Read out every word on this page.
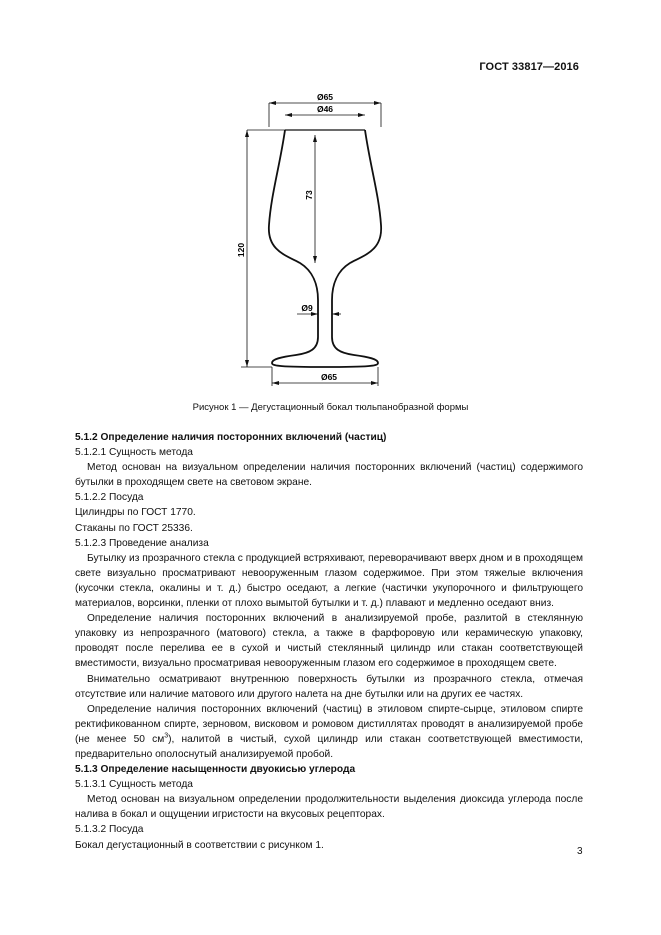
ГОСТ 33817—2016
Ø65
Ø46
73
120
Ø9
Ø65
Рисунок 1 — Дегустационный бокал тюльпанобразной формы

5.1.2 Определение наличия посторонних включений (частиц)

5.1.2.1 Сущность метода

Метод основан на визуальном определении наличия посторонних включений (частиц) содержимого бутылки в проходящем свете на световом экране.

5.1.2.2 Посуда

Цилиндры по ГОСТ 1770.

Стаканы по ГОСТ 25336.

5.1.2.3 Проведение анализа

Бутылку из прозрачного стекла с продукцией встряхивают, переворачивают вверх дном и в проходящем свете визуально просматривают невооруженным глазом содержимое. При этом тяжелые включения (кусочки стекла, окалины и т. д.) быстро оседают, а легкие (частички укупорочного и фильтрующего материалов, ворсинки, пленки от плохо вымытой бутылки и т. д.) плавают и медленно оседают вниз.

Определение наличия посторонних включений в анализируемой пробе, разлитой в стеклянную упаковку из непрозрачного (матового) стекла, а также в фарфоровую или керамическую упаковку, проводят после перелива ее в сухой и чистый стеклянный цилиндр или стакан соответствующей вместимости, визуально просматривая невооруженным глазом его содержимое в проходящем свете.

Внимательно осматривают внутреннюю поверхность бутылки из прозрачного стекла, отмечая отсутствие или наличие матового или другого налета на дне бутылки или на других ее частях.

Определение наличия посторонних включений (частиц) в этиловом спирте-сырце, этиловом спирте ректификованном спирте, зерновом, висковом и ромовом дистиллятах проводят в анализируемой пробе (не менее 50 $см^3$), налитой в чистый, сухой цилиндр или стакан соответствующей вместимости, предварительно ополоснутый анализируемой пробой.

5.1.3 Определение насыщенности двуокисью углерода

5.1.3.1 Сущность метода

Метод основан на визуальном определении продолжительности выделения диоксида углерода после налива в бокал и ощущении игристости на вкусовых рецепторах.

5.1.3.2 Посуда

Бокал дегустационный в соответствии с рисунком 1.

3
